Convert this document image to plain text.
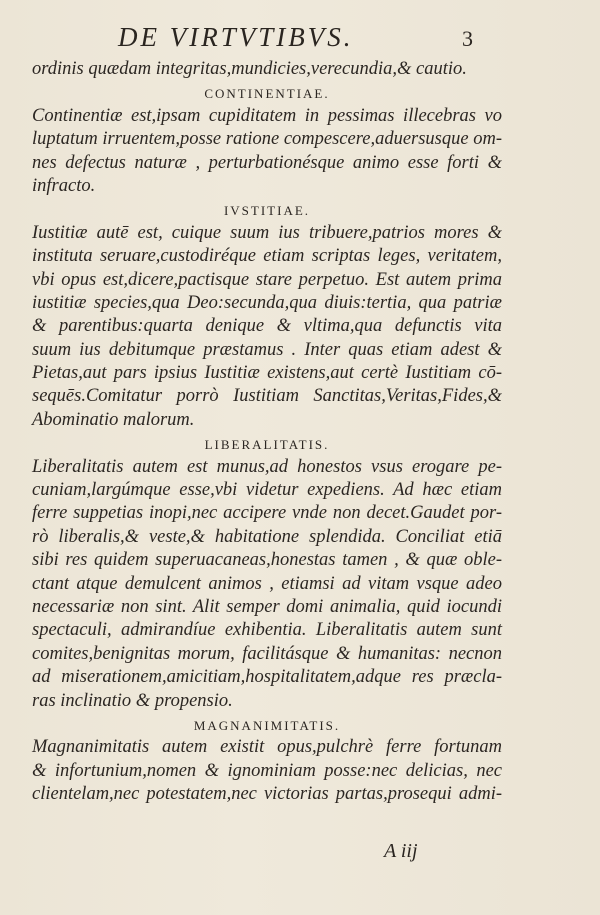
DE VIRTVTIBVS.	3
ordinis quædam integritas,mundicies,verecundia,& cautio.
CONTINENTIAE.
Continentiæ est,ipsam cupiditatem in pessimas illecebras vo
luptatum irruentem,posse ratione compescere,aduersusque om-
nes defectus naturæ , perturbationésque animo esse forti &
infracto.
IVSTITIAE.
Iustitiæ autē est, cuique suum ius tribuere,patrios mores &
instituta seruare,custodiréque etiam scriptas leges, veritatem,
vbi opus est,dicere,pactisque stare perpetuo. Est autem prima
iustitiæ species,qua Deo:secunda,qua diuis:tertia, qua patriæ
& parentibus:quarta denique & vltima,qua defunctis vita
suum ius debitumque præstamus . Inter quas etiam adest &
Pietas,aut pars ipsius Iustitiæ existens,aut certè Iustitiam cō-
sequēs.Comitatur porrò Iustitiam Sanctitas,Veritas,Fides,&
Abominatio malorum.
LIBERALITATIS.
Liberalitatis autem est munus,ad honestos vsus erogare pe-
cuniam,largúmque esse,vbi videtur expediens. Ad hæc etiam
ferre suppetias inopi,nec accipere vnde non decet.Gaudet por-
rò liberalis,& veste,& habitatione splendida. Conciliat etiā
sibi res quidem superuacaneas,honestas tamen , & quæ oble-
ctant atque demulcent animos , etiamsi ad vitam vsque adeo
necessariæ non sint. Alit semper domi animalia, quid iocundi
spectaculi, admirandíue exhibentia. Liberalitatis autem sunt
comites,benignitas morum, facilitásque & humanitas: necnon
ad miserationem,amicitiam,hospitalitatem,adque res præcla-
ras inclinatio & propensio.
MAGNANIMITATIS.
Magnanimitatis autem existit opus,pulchrè ferre fortunam
& infortunium,nomen & ignominiam posse:nec delicias, nec
clientelam,nec potestatem,nec victorias partas,prosequi admi-
A iij
